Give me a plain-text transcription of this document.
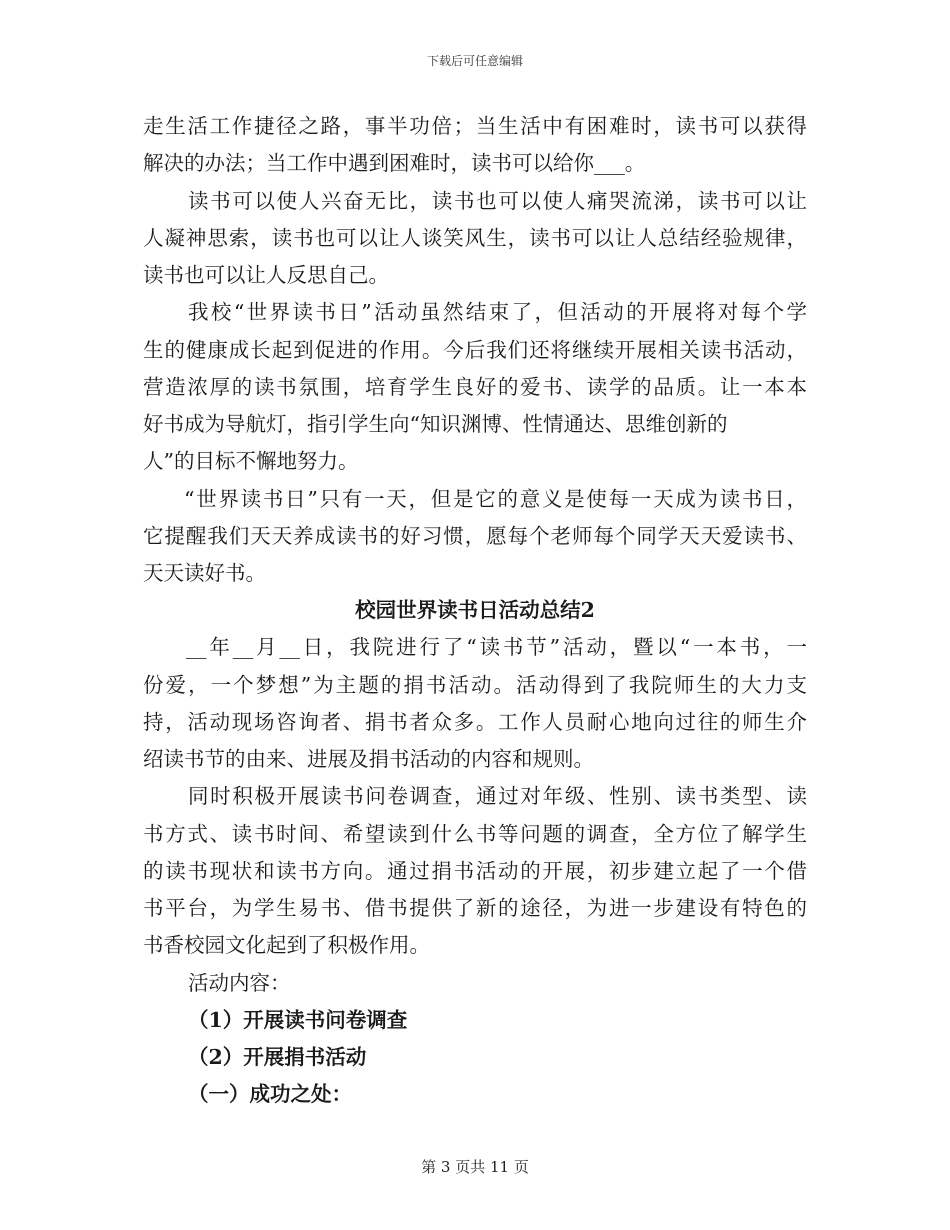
下载后可任意编辑
走生活工作捷径之路，事半功倍；当生活中有困难时，读书可以获得
解决的办法；当工作中遇到困难时，读书可以给你___。
读书可以使人兴奋无比，读书也可以使人痛哭流涕，读书可以让
人凝神思索，读书也可以让人谈笑风生，读书可以让人总结经验规律，
读书也可以让人反思自己。
我校“世界读书日”活动虽然结束了，但活动的开展将对每个学
生的健康成长起到促进的作用。今后我们还将继续开展相关读书活动，
营造浓厚的读书氛围，培育学生良好的爱书、读学的品质。让一本本
好书成为导航灯，指引学生向“知识渊博、性情通达、思维创新的
人”的目标不懈地努力。
“世界读书日”只有一天，但是它的意义是使每一天成为读书日，
它提醒我们天天养成读书的好习惯，愿每个老师每个同学天天爱读书、
天天读好书。
校园世界读书日活动总结2
__年__月__日，我院进行了“读书节”活动，暨以“一本书，一
份爱，一个梦想”为主题的捐书活动。活动得到了我院师生的大力支
持，活动现场咨询者、捐书者众多。工作人员耐心地向过往的师生介
绍读书节的由来、进展及捐书活动的内容和规则。
同时积极开展读书问卷调查，通过对年级、性别、读书类型、读
书方式、读书时间、希望读到什么书等问题的调查，全方位了解学生
的读书现状和读书方向。通过捐书活动的开展，初步建立起了一个借
书平台，为学生易书、借书提供了新的途径，为进一步建设有特色的
书香校园文化起到了积极作用。
活动内容：
（1）开展读书问卷调查
（2）开展捐书活动
（一）成功之处：
第 3 页共 11 页
